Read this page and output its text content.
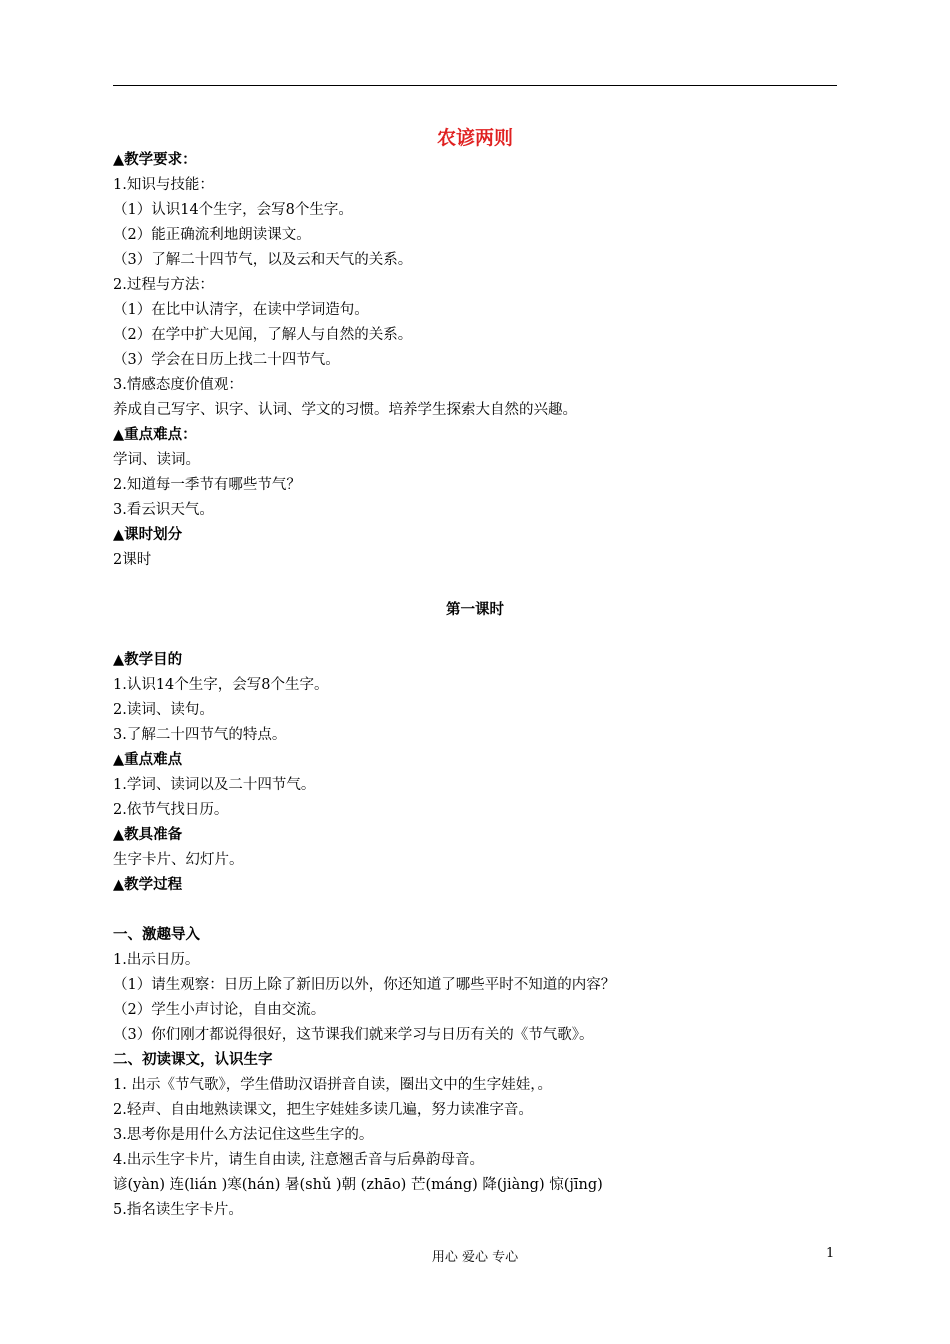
农谚两则
▲教学要求：
1.知识与技能：
（1）认识14个生字，会写8个生字。
（2）能正确流利地朗读课文。
（3）了解二十四节气，以及云和天气的关系。
2.过程与方法：
（1）在比中认清字，在读中学词造句。
（2）在学中扩大见闻，了解人与自然的关系。
（3）学会在日历上找二十四节气。
3.情感态度价值观：
养成自己写字、识字、认词、学文的习惯。培养学生探索大自然的兴趣。
▲重点难点：
学词、读词。
2.知道每一季节有哪些节气？
3.看云识天气。
▲课时划分
2课时
第一课时
▲教学目的
1.认识14个生字，会写8个生字。
2.读词、读句。
3.了解二十四节气的特点。
▲重点难点
1.学词、读词以及二十四节气。
2.依节气找日历。
▲教具准备
生字卡片、幻灯片。
▲教学过程
一、激趣导入
1.出示日历。
（1）请生观察：日历上除了新旧历以外，你还知道了哪些平时不知道的内容？
（2）学生小声讨论，自由交流。
（3）你们刚才都说得很好，这节课我们就来学习与日历有关的《节气歌》。
二、初读课文，认识生字
1. 出示《节气歌》，学生借助汉语拼音自读，圈出文中的生字娃娃，。
2.轻声、自由地熟读课文，把生字娃娃多读几遍，努力读准字音。
3.思考你是用什么方法记住这些生字的。
4.出示生字卡片，请生自由读, 注意翘舌音与后鼻韵母音。
谚(yàn) 连(lián )寒(hán) 暑(shǔ )朝 (zhāo) 芒(máng) 降(jiàng) 惊(jīng)
5.指名读生字卡片。
用心 爱心 专心	1
